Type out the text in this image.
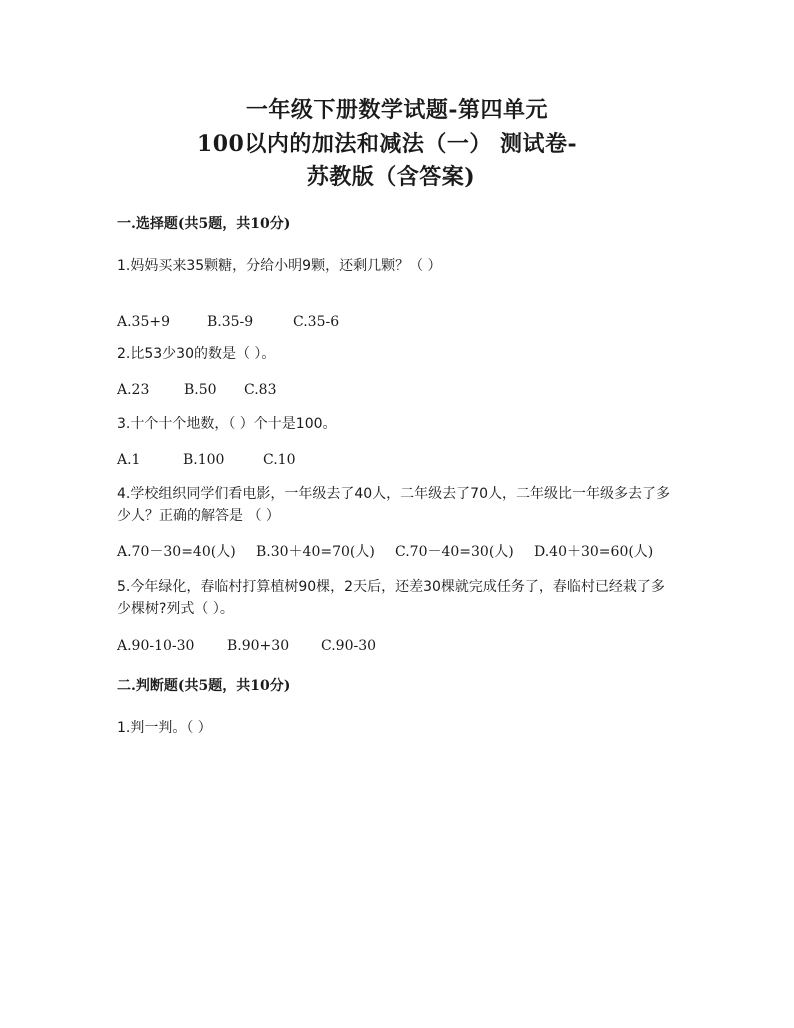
一年级下册数学试题-第四单元
100以内的加法和减法（一） 测试卷-
苏教版（含答案)
一.选择题(共5题，共10分)
1.妈妈买来35颗糖，分给小明9颗，还剩几颗？（ ）
A.35+9	B.35-9	C.35-6
2.比53少30的数是（ ）。
A.23 B.50 C.83
3.十个十个地数，（ ）个十是100。
A.1	B.100	C.10
4.学校组织同学们看电影，一年级去了40人，二年级去了70人，二年级比一年级多去了多少人？正确的解答是 （ ）
A.70－30=40(人) B.30＋40=70(人) C.70－40=30(人) D.40＋30=60(人)
5.今年绿化，春临村打算植树90棵，2天后，还差30棵就完成任务了，春临村已经栽了多少棵树?列式（ ）。
A.90-10-30 B.90+30 C.90-30
二.判断题(共5题，共10分)
1.判一判。（ ）
